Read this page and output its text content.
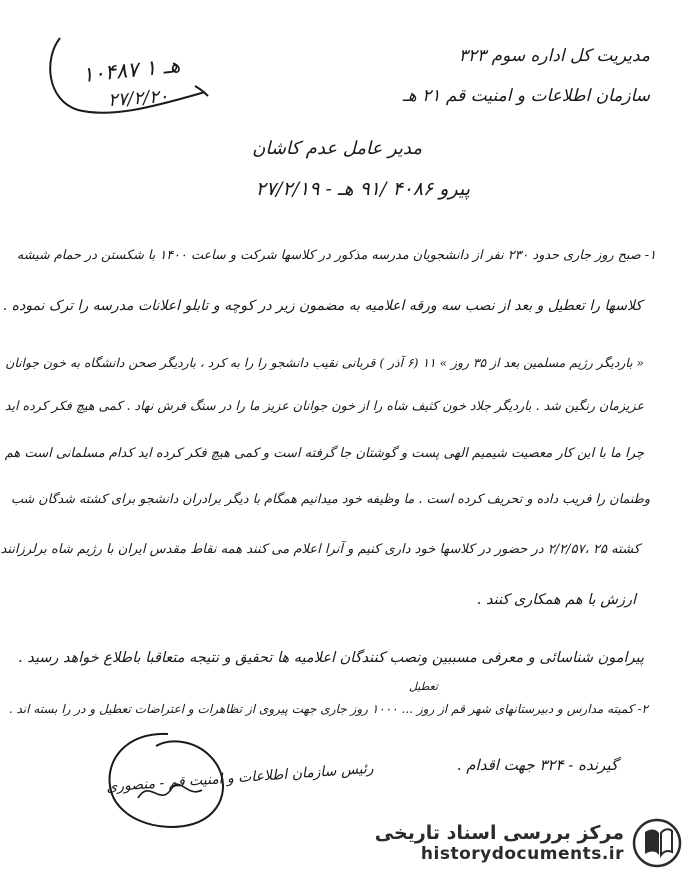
۱۰۴۸۷ ۱ هـ
۲۷/۲/۲۰
مدیریت کل اداره سوم ۳۲۳
سازمان اطلاعات و امنیت قم ۲۱ هـ
مدیر عامل عدم کاشان
پیرو ۴۰۸۶ /۹۱ هـ - ۲۷/۲/۱۹
۱- صبح روز جاری حدود ۲۳۰ نفر از دانشجویان مدرسه مذکور در کلاسها شرکت و ساعت ۱۴۰۰ با شکستن در حمام شیشه
کلاسها را تعطیل و بعد از نصب سه ورقه اعلامیه به مضمون زیر در کوچه و تابلو اعلانات مدرسه را ترک نموده .
« باردیگر رژیم مسلمین بعد از ۳۵ روز » ۱۱ (۶ آذر ) قربانی نقیب دانشجو را را به کرد ، باردیگر صحن دانشگاه به خون جوانان
عزیزمان رنگین شد . باردیگر جلاد خون کثیف شاه را از خون جوانان عزیز ما را در سنگ فرش نهاد . کمی هیچ فکر کرده اید
چرا ما با این کار معصیت شیمیم الهی پست و گوشتان جا گرفته است و کمی هیچ فکر کرده اید کدام مسلمانی است هم
وطنمان را فریب داده و تحریف کرده است . ما وظیفه خود میدانیم همگام با دیگر برادران دانشجو برای کشته شدگان شب
کشته ۲۵ ،۲/۲/۵۷ در حضور در کلاسها خود داری کنیم و آنرا اعلام می کنند همه نقاط مقدس ایران با رژیم شاه برلرزانند
ارزش با هم همکاری کنند .
پیرامون شناسائی و معرفی مسببین ونصب کنندگان اعلامیه ها تحقیق و نتیجه متعاقبا باطلاع خواهد رسید .
تعطیل
۲- کمیته مدارس و دبیرستانهای شهر قم از روز ... ۱۰۰۰ روز جاری جهت پیروی از تظاهرات و اعتراضات تعطیل و در را بسته اند .
گیرنده - ۳۲۴ جهت اقدام .
رئیس سازمان اطلاعات و امنیت قم - منصوری
مرکز بررسی اسناد تاریخی
historydocuments.ir
